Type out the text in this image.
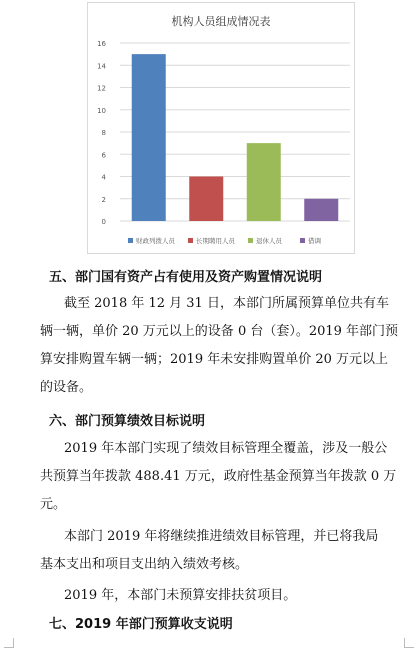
机构人员组成情况表
0
2
4
6
8
10
12
14
16
财政列拨人员	长期聘用人员	退休人员	借调
五、部门国有资产占有使用及资产购置情况说明
截至 2018 年 12 月 31 日，本部门所属预算单位共有车
辆一辆，单价 20 万元以上的设备 0 台（套）。2019 年部门预
算安排购置车辆一辆；2019 年未安排购置单价 20 万元以上
的设备。
六、部门预算绩效目标说明
2019 年本部门实现了绩效目标管理全覆盖，涉及一般公
共预算当年拨款 488.41 万元，政府性基金预算当年拨款 0 万
元。
本部门 2019 年将继续推进绩效目标管理，并已将我局
基本支出和项目支出纳入绩效考核。
2019 年，本部门未预算安排扶贫项目。
七、2019 年部门预算收支说明
